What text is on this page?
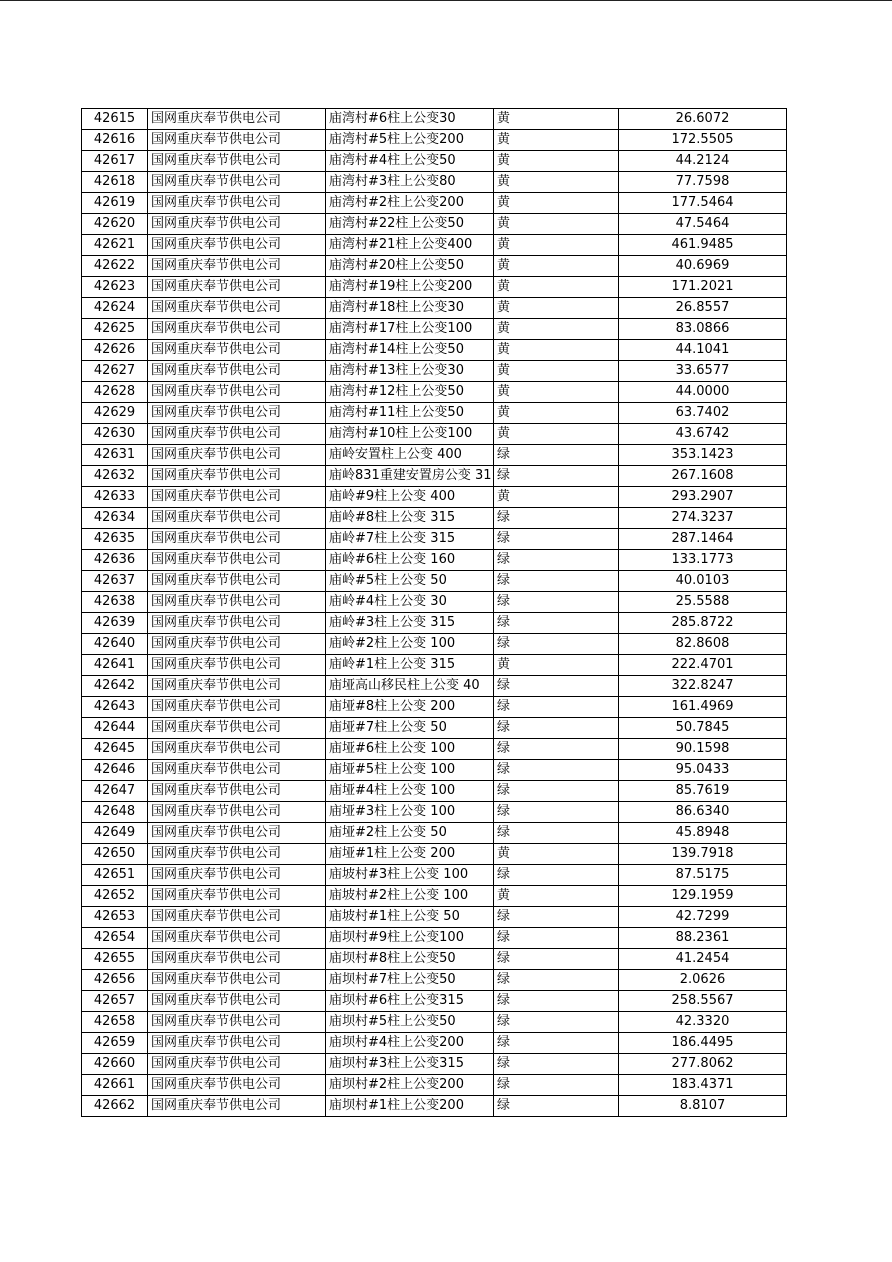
42615	国网重庆奉节供电公司	庙湾村#6柱上公变30	黄	26.6072
42616	国网重庆奉节供电公司	庙湾村#5柱上公变200	黄	172.5505
42617	国网重庆奉节供电公司	庙湾村#4柱上公变50	黄	44.2124
42618	国网重庆奉节供电公司	庙湾村#3柱上公变80	黄	77.7598
42619	国网重庆奉节供电公司	庙湾村#2柱上公变200	黄	177.5464
42620	国网重庆奉节供电公司	庙湾村#22柱上公变50	黄	47.5464
42621	国网重庆奉节供电公司	庙湾村#21柱上公变400	黄	461.9485
42622	国网重庆奉节供电公司	庙湾村#20柱上公变50	黄	40.6969
42623	国网重庆奉节供电公司	庙湾村#19柱上公变200	黄	171.2021
42624	国网重庆奉节供电公司	庙湾村#18柱上公变30	黄	26.8557
42625	国网重庆奉节供电公司	庙湾村#17柱上公变100	黄	83.0866
42626	国网重庆奉节供电公司	庙湾村#14柱上公变50	黄	44.1041
42627	国网重庆奉节供电公司	庙湾村#13柱上公变30	黄	33.6577
42628	国网重庆奉节供电公司	庙湾村#12柱上公变50	黄	44.0000
42629	国网重庆奉节供电公司	庙湾村#11柱上公变50	黄	63.7402
42630	国网重庆奉节供电公司	庙湾村#10柱上公变100	黄	43.6742
42631	国网重庆奉节供电公司	庙岭安置柱上公变 400	绿	353.1423
42632	国网重庆奉节供电公司	庙岭831重建安置房公变 31	绿	267.1608
42633	国网重庆奉节供电公司	庙岭#9柱上公变 400	黄	293.2907
42634	国网重庆奉节供电公司	庙岭#8柱上公变 315	绿	274.3237
42635	国网重庆奉节供电公司	庙岭#7柱上公变 315	绿	287.1464
42636	国网重庆奉节供电公司	庙岭#6柱上公变 160	绿	133.1773
42637	国网重庆奉节供电公司	庙岭#5柱上公变 50	绿	40.0103
42638	国网重庆奉节供电公司	庙岭#4柱上公变 30	绿	25.5588
42639	国网重庆奉节供电公司	庙岭#3柱上公变 315	绿	285.8722
42640	国网重庆奉节供电公司	庙岭#2柱上公变 100	绿	82.8608
42641	国网重庆奉节供电公司	庙岭#1柱上公变 315	黄	222.4701
42642	国网重庆奉节供电公司	庙垭高山移民柱上公变 40	绿	322.8247
42643	国网重庆奉节供电公司	庙垭#8柱上公变 200	绿	161.4969
42644	国网重庆奉节供电公司	庙垭#7柱上公变 50	绿	50.7845
42645	国网重庆奉节供电公司	庙垭#6柱上公变 100	绿	90.1598
42646	国网重庆奉节供电公司	庙垭#5柱上公变 100	绿	95.0433
42647	国网重庆奉节供电公司	庙垭#4柱上公变 100	绿	85.7619
42648	国网重庆奉节供电公司	庙垭#3柱上公变 100	绿	86.6340
42649	国网重庆奉节供电公司	庙垭#2柱上公变 50	绿	45.8948
42650	国网重庆奉节供电公司	庙垭#1柱上公变 200	黄	139.7918
42651	国网重庆奉节供电公司	庙坡村#3柱上公变 100	绿	87.5175
42652	国网重庆奉节供电公司	庙坡村#2柱上公变 100	黄	129.1959
42653	国网重庆奉节供电公司	庙坡村#1柱上公变 50	绿	42.7299
42654	国网重庆奉节供电公司	庙坝村#9柱上公变100	绿	88.2361
42655	国网重庆奉节供电公司	庙坝村#8柱上公变50	绿	41.2454
42656	国网重庆奉节供电公司	庙坝村#7柱上公变50	绿	2.0626
42657	国网重庆奉节供电公司	庙坝村#6柱上公变315	绿	258.5567
42658	国网重庆奉节供电公司	庙坝村#5柱上公变50	绿	42.3320
42659	国网重庆奉节供电公司	庙坝村#4柱上公变200	绿	186.4495
42660	国网重庆奉节供电公司	庙坝村#3柱上公变315	绿	277.8062
42661	国网重庆奉节供电公司	庙坝村#2柱上公变200	绿	183.4371
42662	国网重庆奉节供电公司	庙坝村#1柱上公变200	绿	8.8107
